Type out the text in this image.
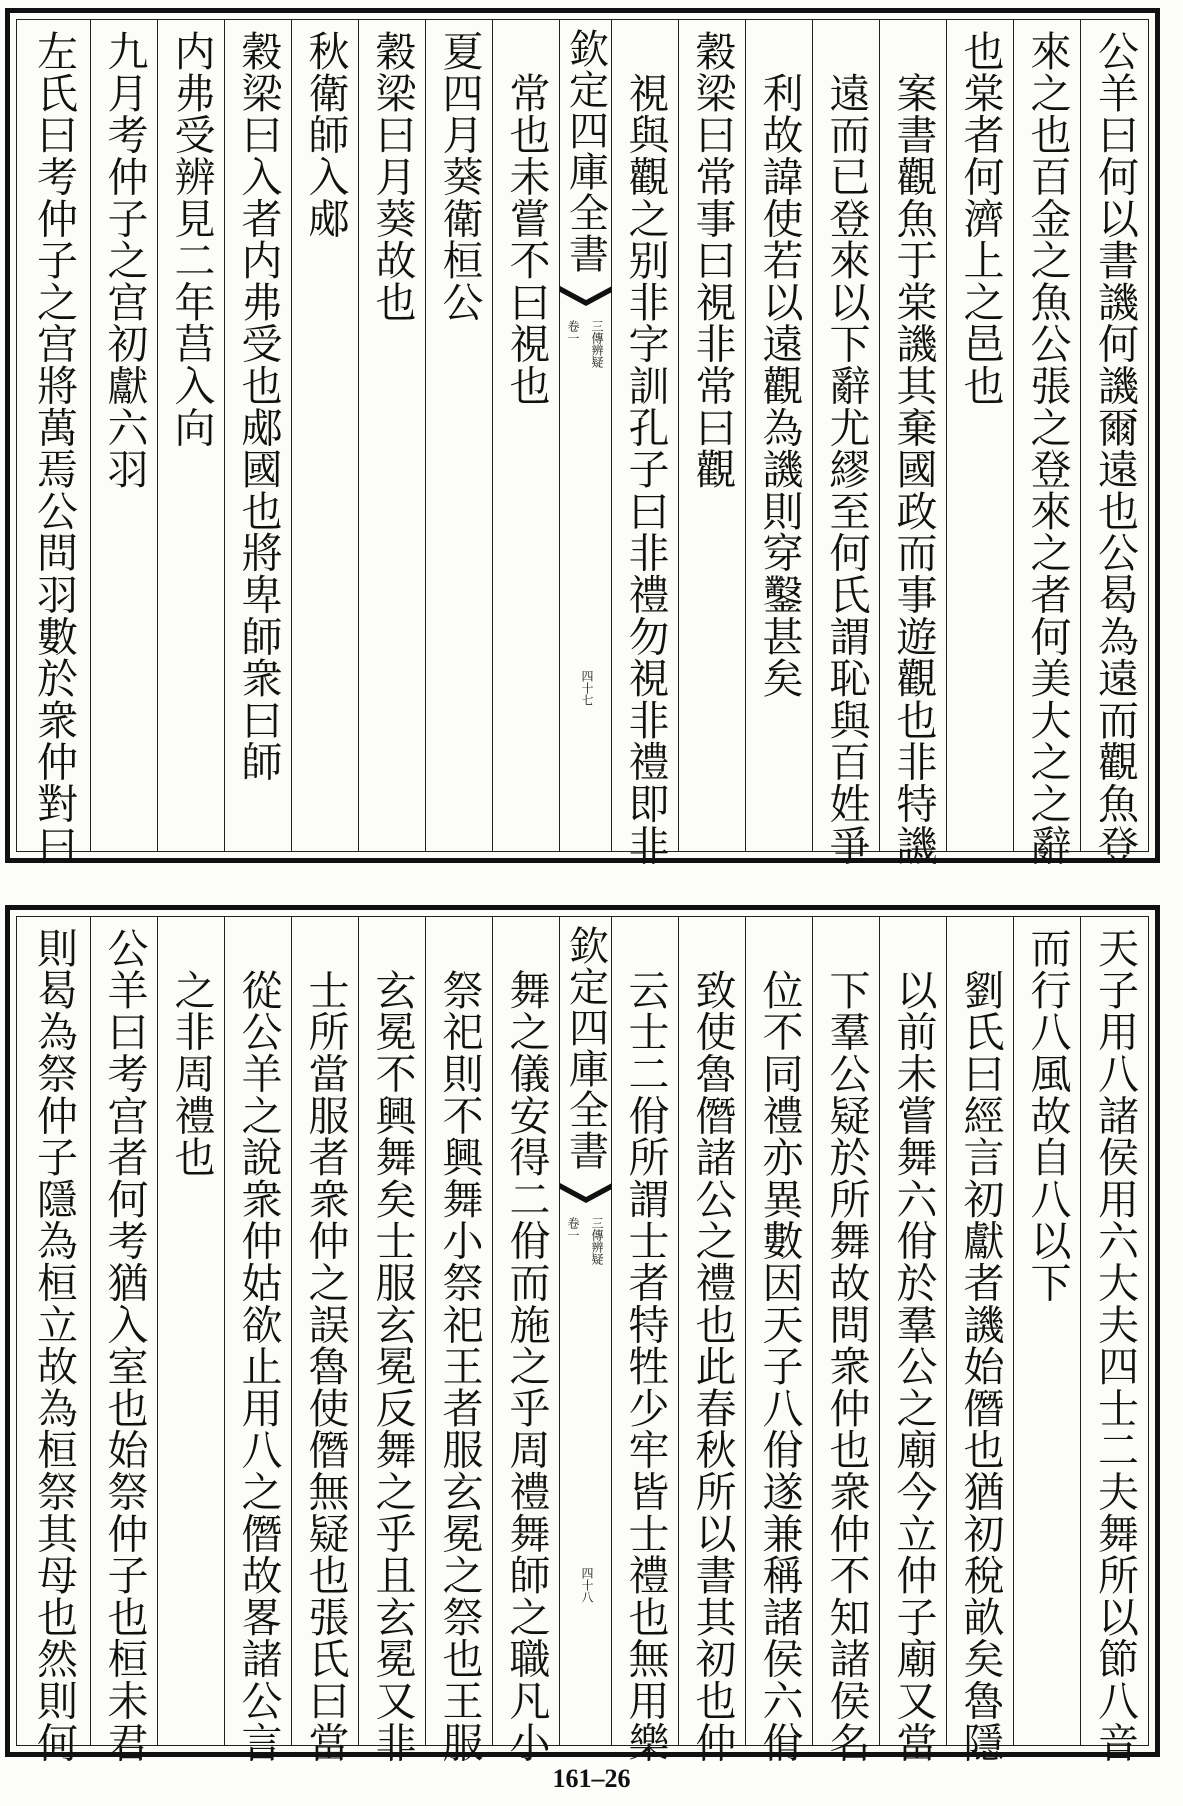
公羊曰何以書譏何譏爾遠也公曷為遠而觀魚登
來之也百金之魚公張之登來之者何美大之之辭
也棠者何濟上之邑也
　案書觀魚于棠譏其棄國政而事遊觀也非特譏
　遠而已登來以下辭尤繆至何氏謂恥與百姓爭
　利故諱使若以遠觀為譏則穿鑿甚矣
穀梁曰常事曰視非常曰觀
　視與觀之别非字訓孔子曰非禮勿視非禮即非
欽定四庫全書
三傳辨疑
卷一
四十七
　常也未嘗不曰視也
夏四月葵衛桓公
穀梁曰月葵故也
秋衛師入郕
穀梁曰入者内弗受也郕國也將卑師衆曰師
内弗受辨見二年莒入向
九月考仲子之宫初獻六羽
左氏曰考仲子之宫將萬焉公問羽數於衆仲對曰
天子用八諸侯用六大夫四士二夫舞所以節八音
而行八風故自八以下
　劉氏曰經言初獻者譏始僭也猶初稅畝矣魯隱
　以前未嘗舞六佾於羣公之廟今立仲子廟又當
　下羣公疑於所舞故問衆仲也衆仲不知諸侯名
　位不同禮亦異數因天子八佾遂兼稱諸侯六佾
　致使魯僭諸公之禮也此春秋所以書其初也仲
　云士二佾所謂士者特牲少牢皆士禮也無用樂
欽定四庫全書
三傳辨疑
卷一
四十八
　舞之儀安得二佾而施之乎周禮舞師之職凡小
　祭祀則不興舞小祭祀王者服玄冕之祭也王服
　玄冕不興舞矣士服玄冕反舞之乎且玄冕又非
　士所當服者衆仲之誤魯使僭無疑也張氏曰當
　從公羊之說衆仲姑欲止用八之僭故畧諸公言
　之非周禮也
公羊曰考宫者何考猶入室也始祭仲子也桓未君
則曷為祭仲子隱為桓立故為桓祭其母也然則何
161–26
